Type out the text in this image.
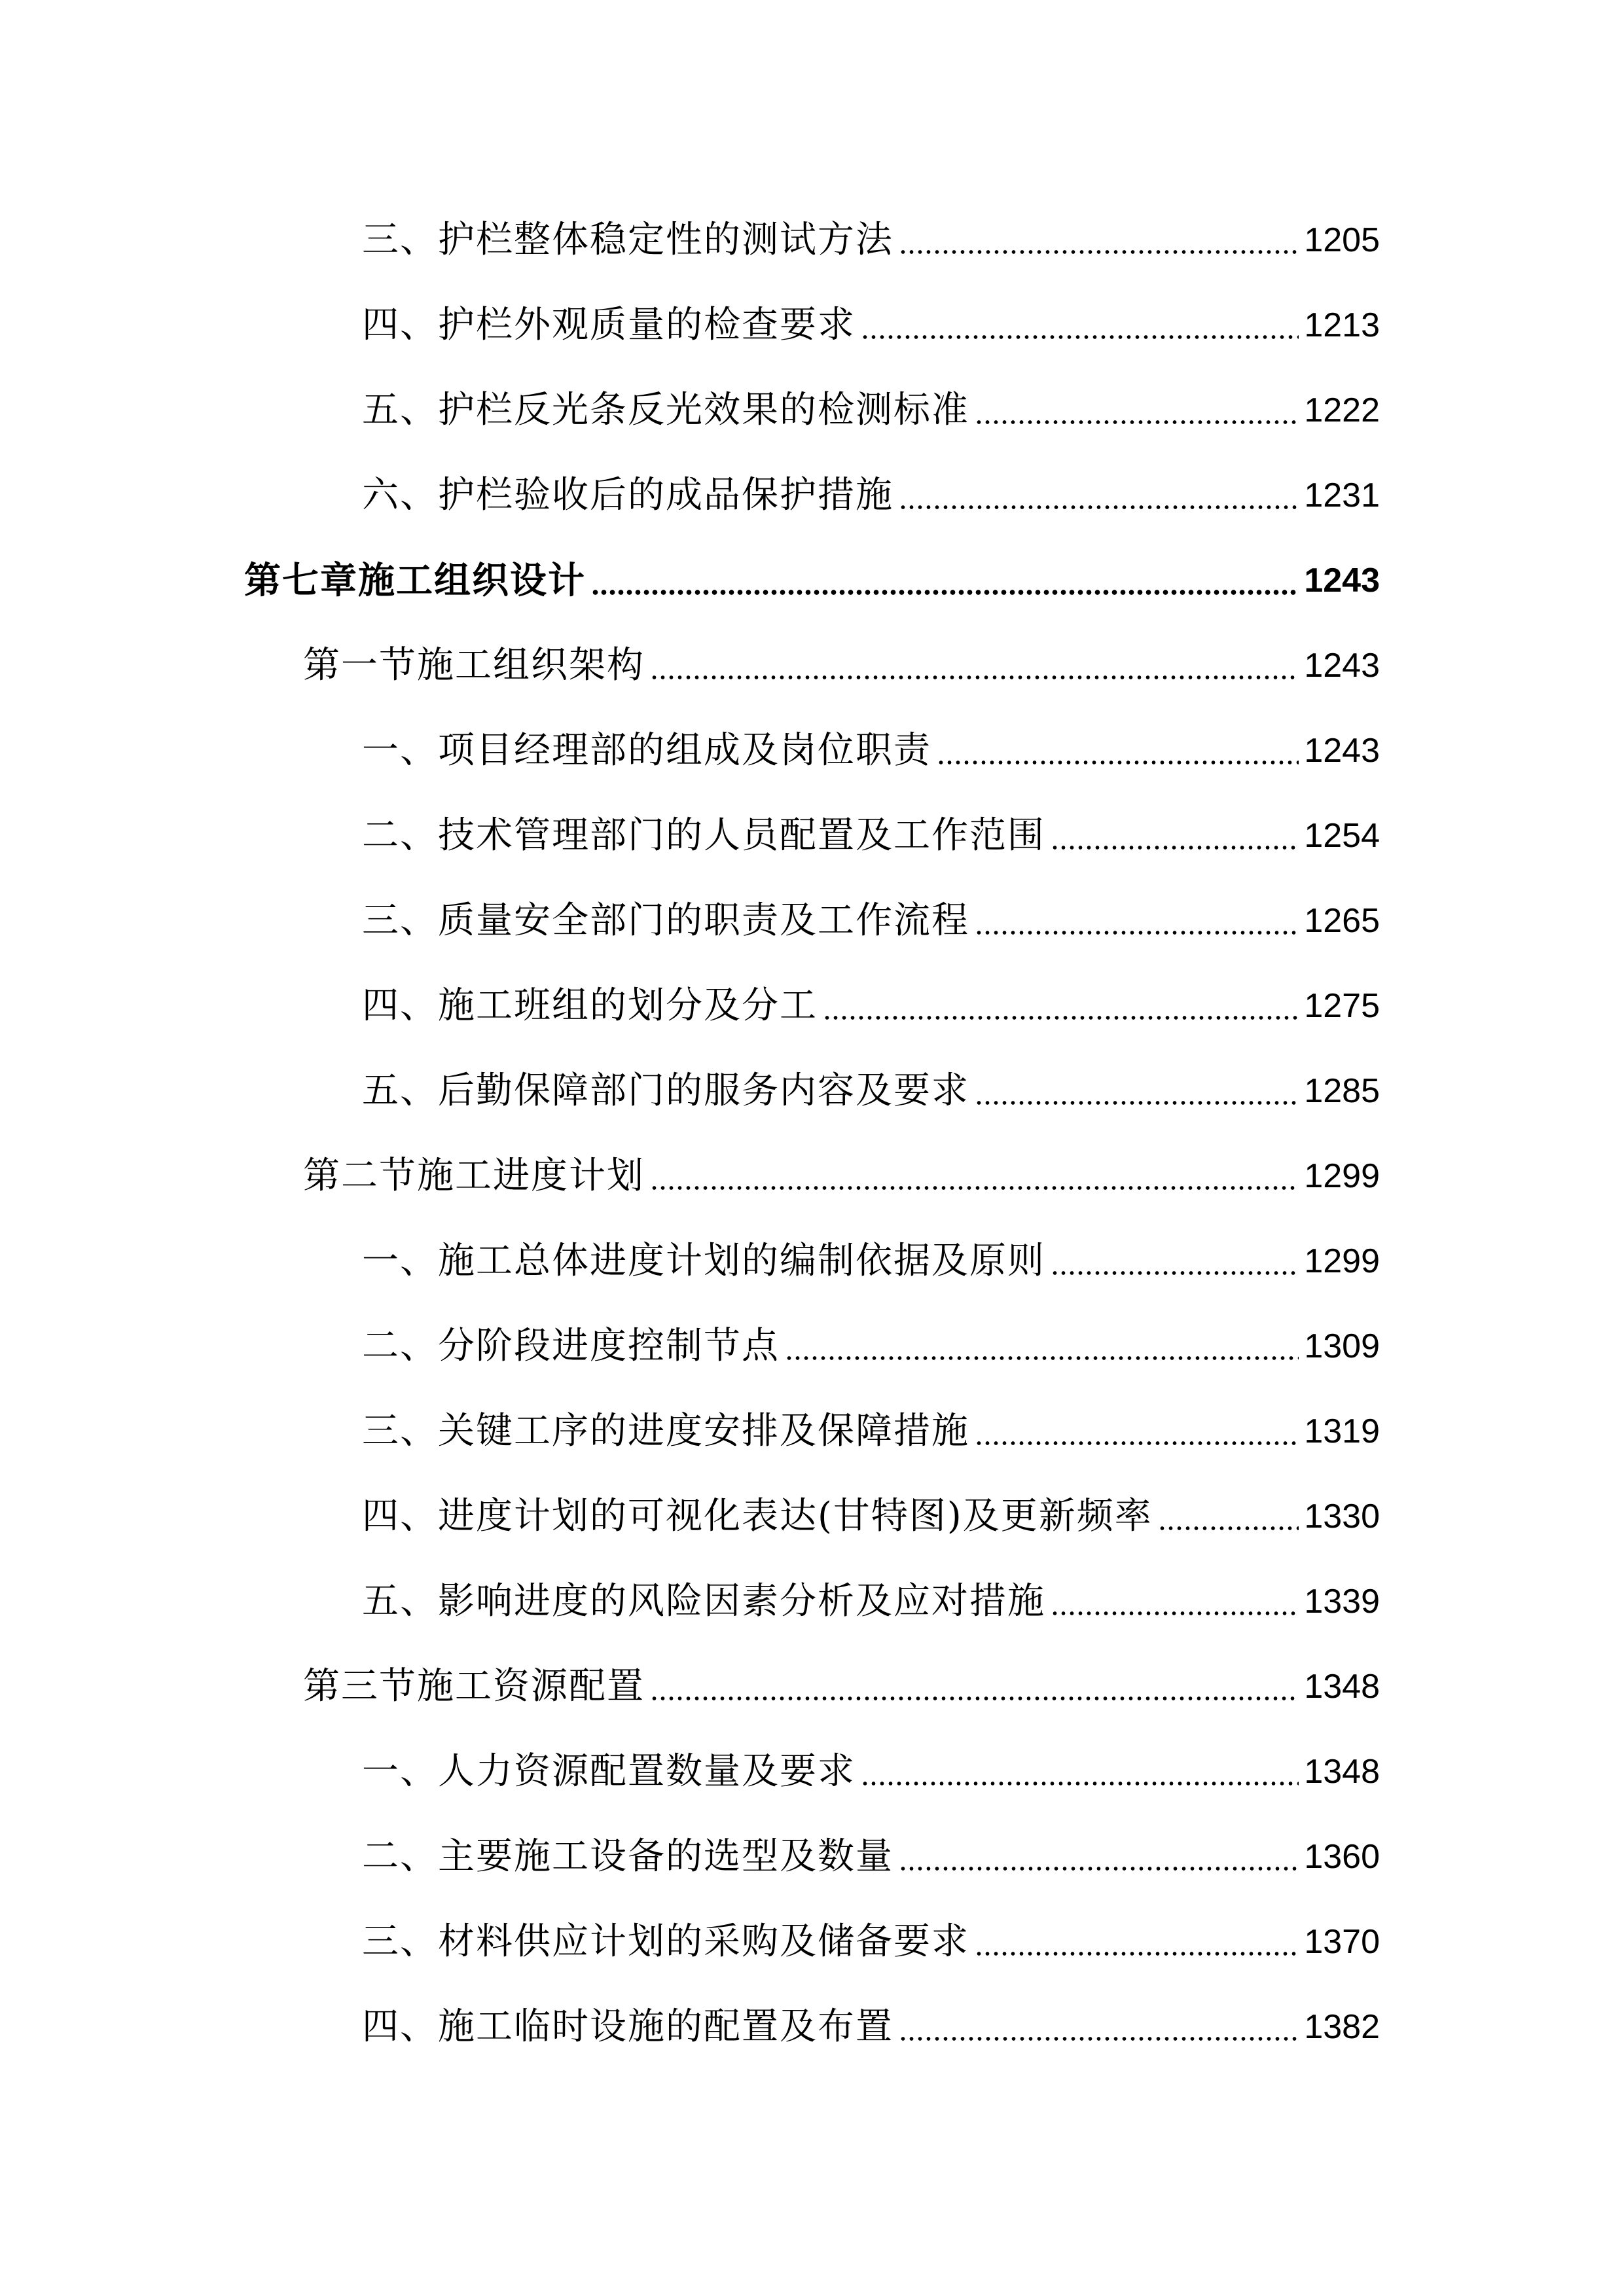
三、护栏整体稳定性的测试方法	1205
四、护栏外观质量的检查要求	1213
五、护栏反光条反光效果的检测标准	1222
六、护栏验收后的成品保护措施	1231
第七章施工组织设计	1243
第一节施工组织架构	1243
一、项目经理部的组成及岗位职责	1243
二、技术管理部门的人员配置及工作范围	1254
三、质量安全部门的职责及工作流程	1265
四、施工班组的划分及分工	1275
五、后勤保障部门的服务内容及要求	1285
第二节施工进度计划	1299
一、施工总体进度计划的编制依据及原则	1299
二、分阶段进度控制节点	1309
三、关键工序的进度安排及保障措施	1319
四、进度计划的可视化表达(甘特图)及更新频率	1330
五、影响进度的风险因素分析及应对措施	1339
第三节施工资源配置	1348
一、人力资源配置数量及要求	1348
二、主要施工设备的选型及数量	1360
三、材料供应计划的采购及储备要求	1370
四、施工临时设施的配置及布置	1382
